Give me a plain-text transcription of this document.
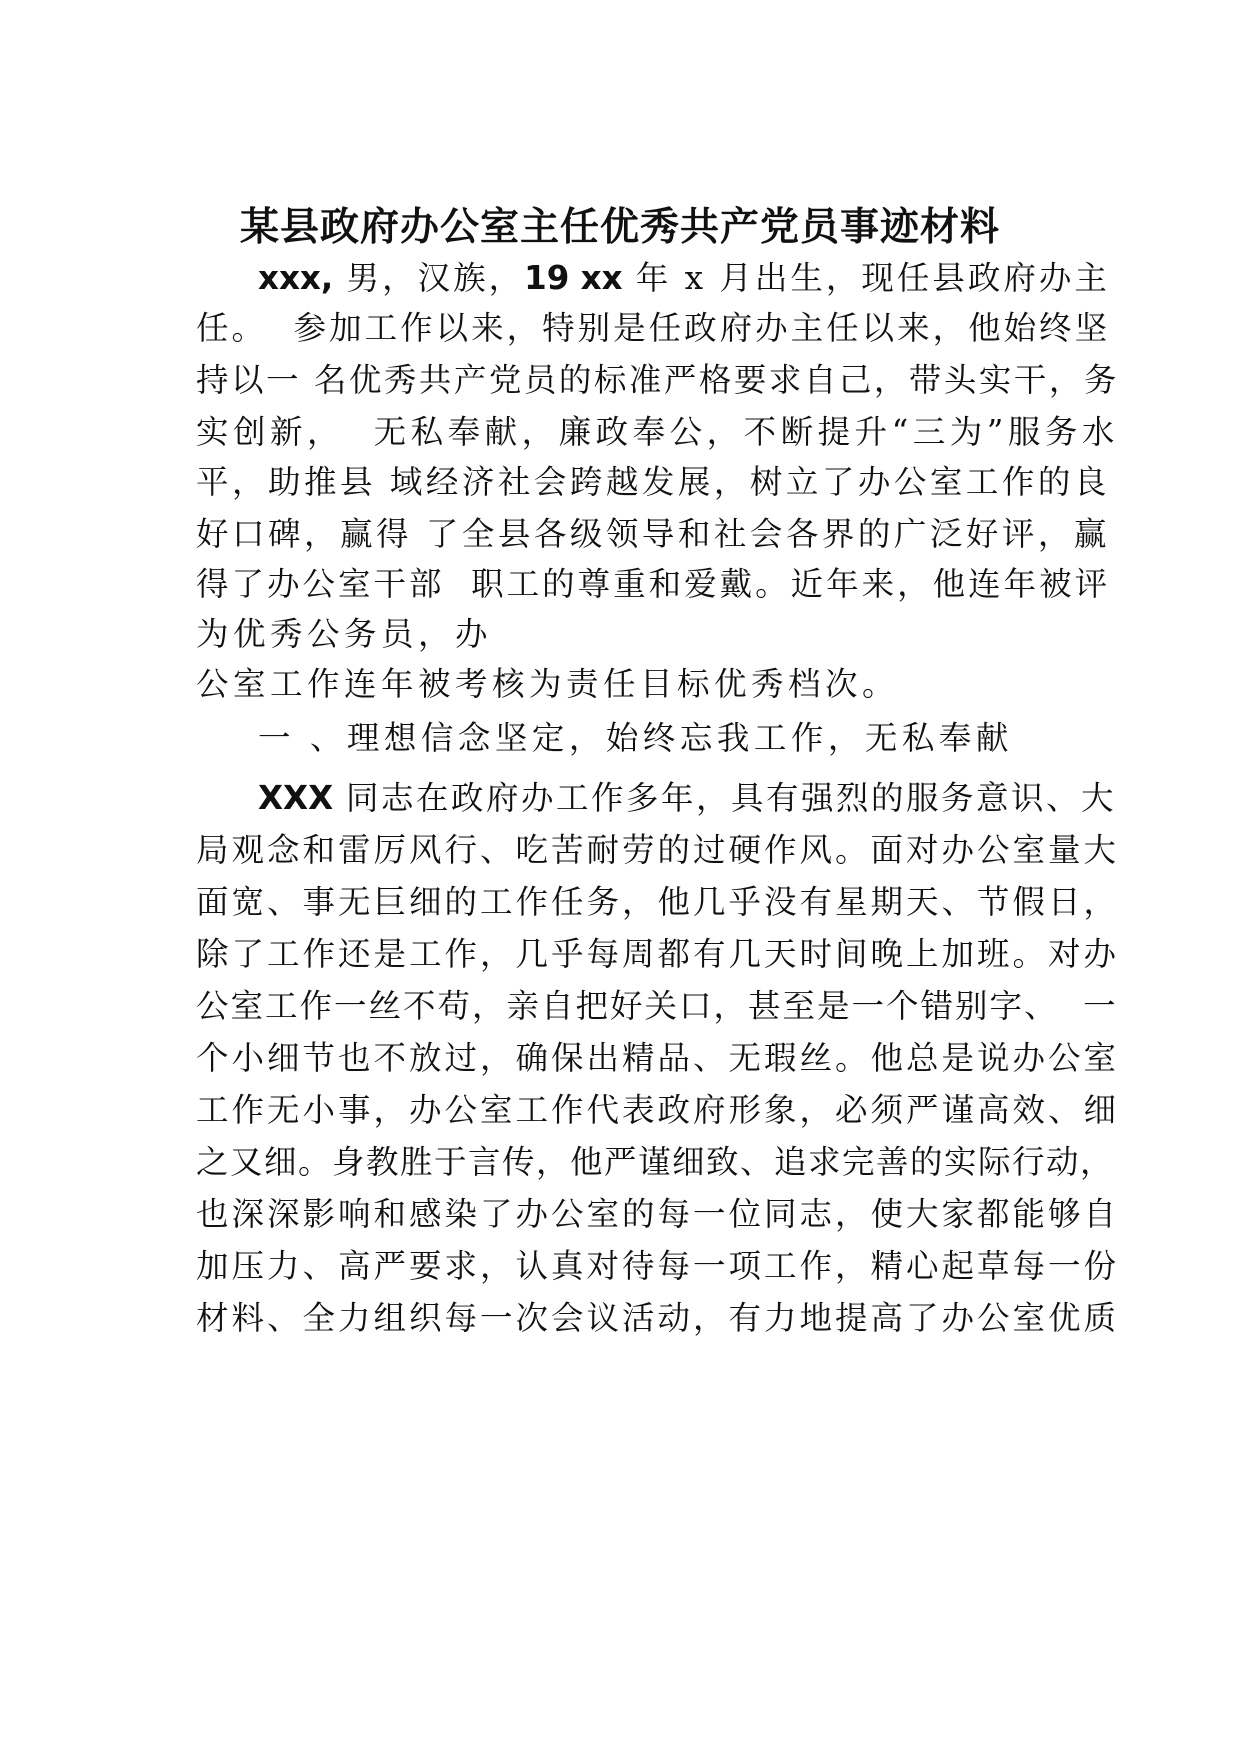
某县政府办公室主任优秀共产党员事迹材料

xxx, 男，汉族，19 xx 年 x 月出生，现任县政府办主

任。  参加工作以来，特别是任政府办主任以来，他始终坚

持以一 名优秀共产党员的标准严格要求自己，带头实干，务

实创新，  无私奉献，廉政奉公，不断提升“三为”服务水

平，助推县 域经济社会跨越发展，树立了办公室工作的良

好口碑，赢得 了全县各级领导和社会各界的广泛好评，赢

得了办公室干部  职工的尊重和爱戴。近年来，他连年被评

为优秀公务员，办

公室工作连年被考核为责任目标优秀档次。

一 、理想信念坚定，始终忘我工作，无私奉献

XXX 同志在政府办工作多年，具有强烈的服务意识、大

局观念和雷厉风行、吃苦耐劳的过硬作风。面对办公室量大

面宽、事无巨细的工作任务，他几乎没有星期天、节假日，

除了工作还是工作，几乎每周都有几天时间晚上加班。对办

公室工作一丝不苟，亲自把好关口，甚至是一个错别字、  一

个小细节也不放过，确保出精品、无瑕丝。他总是说办公室

工作无小事，办公室工作代表政府形象，必须严谨高效、细

之又细。身教胜于言传，他严谨细致、追求完善的实际行动，

也深深影响和感染了办公室的每一位同志，使大家都能够自

加压力、高严要求，认真对待每一项工作，精心起草每一份

材料、全力组织每一次会议活动，有力地提高了办公室优质
